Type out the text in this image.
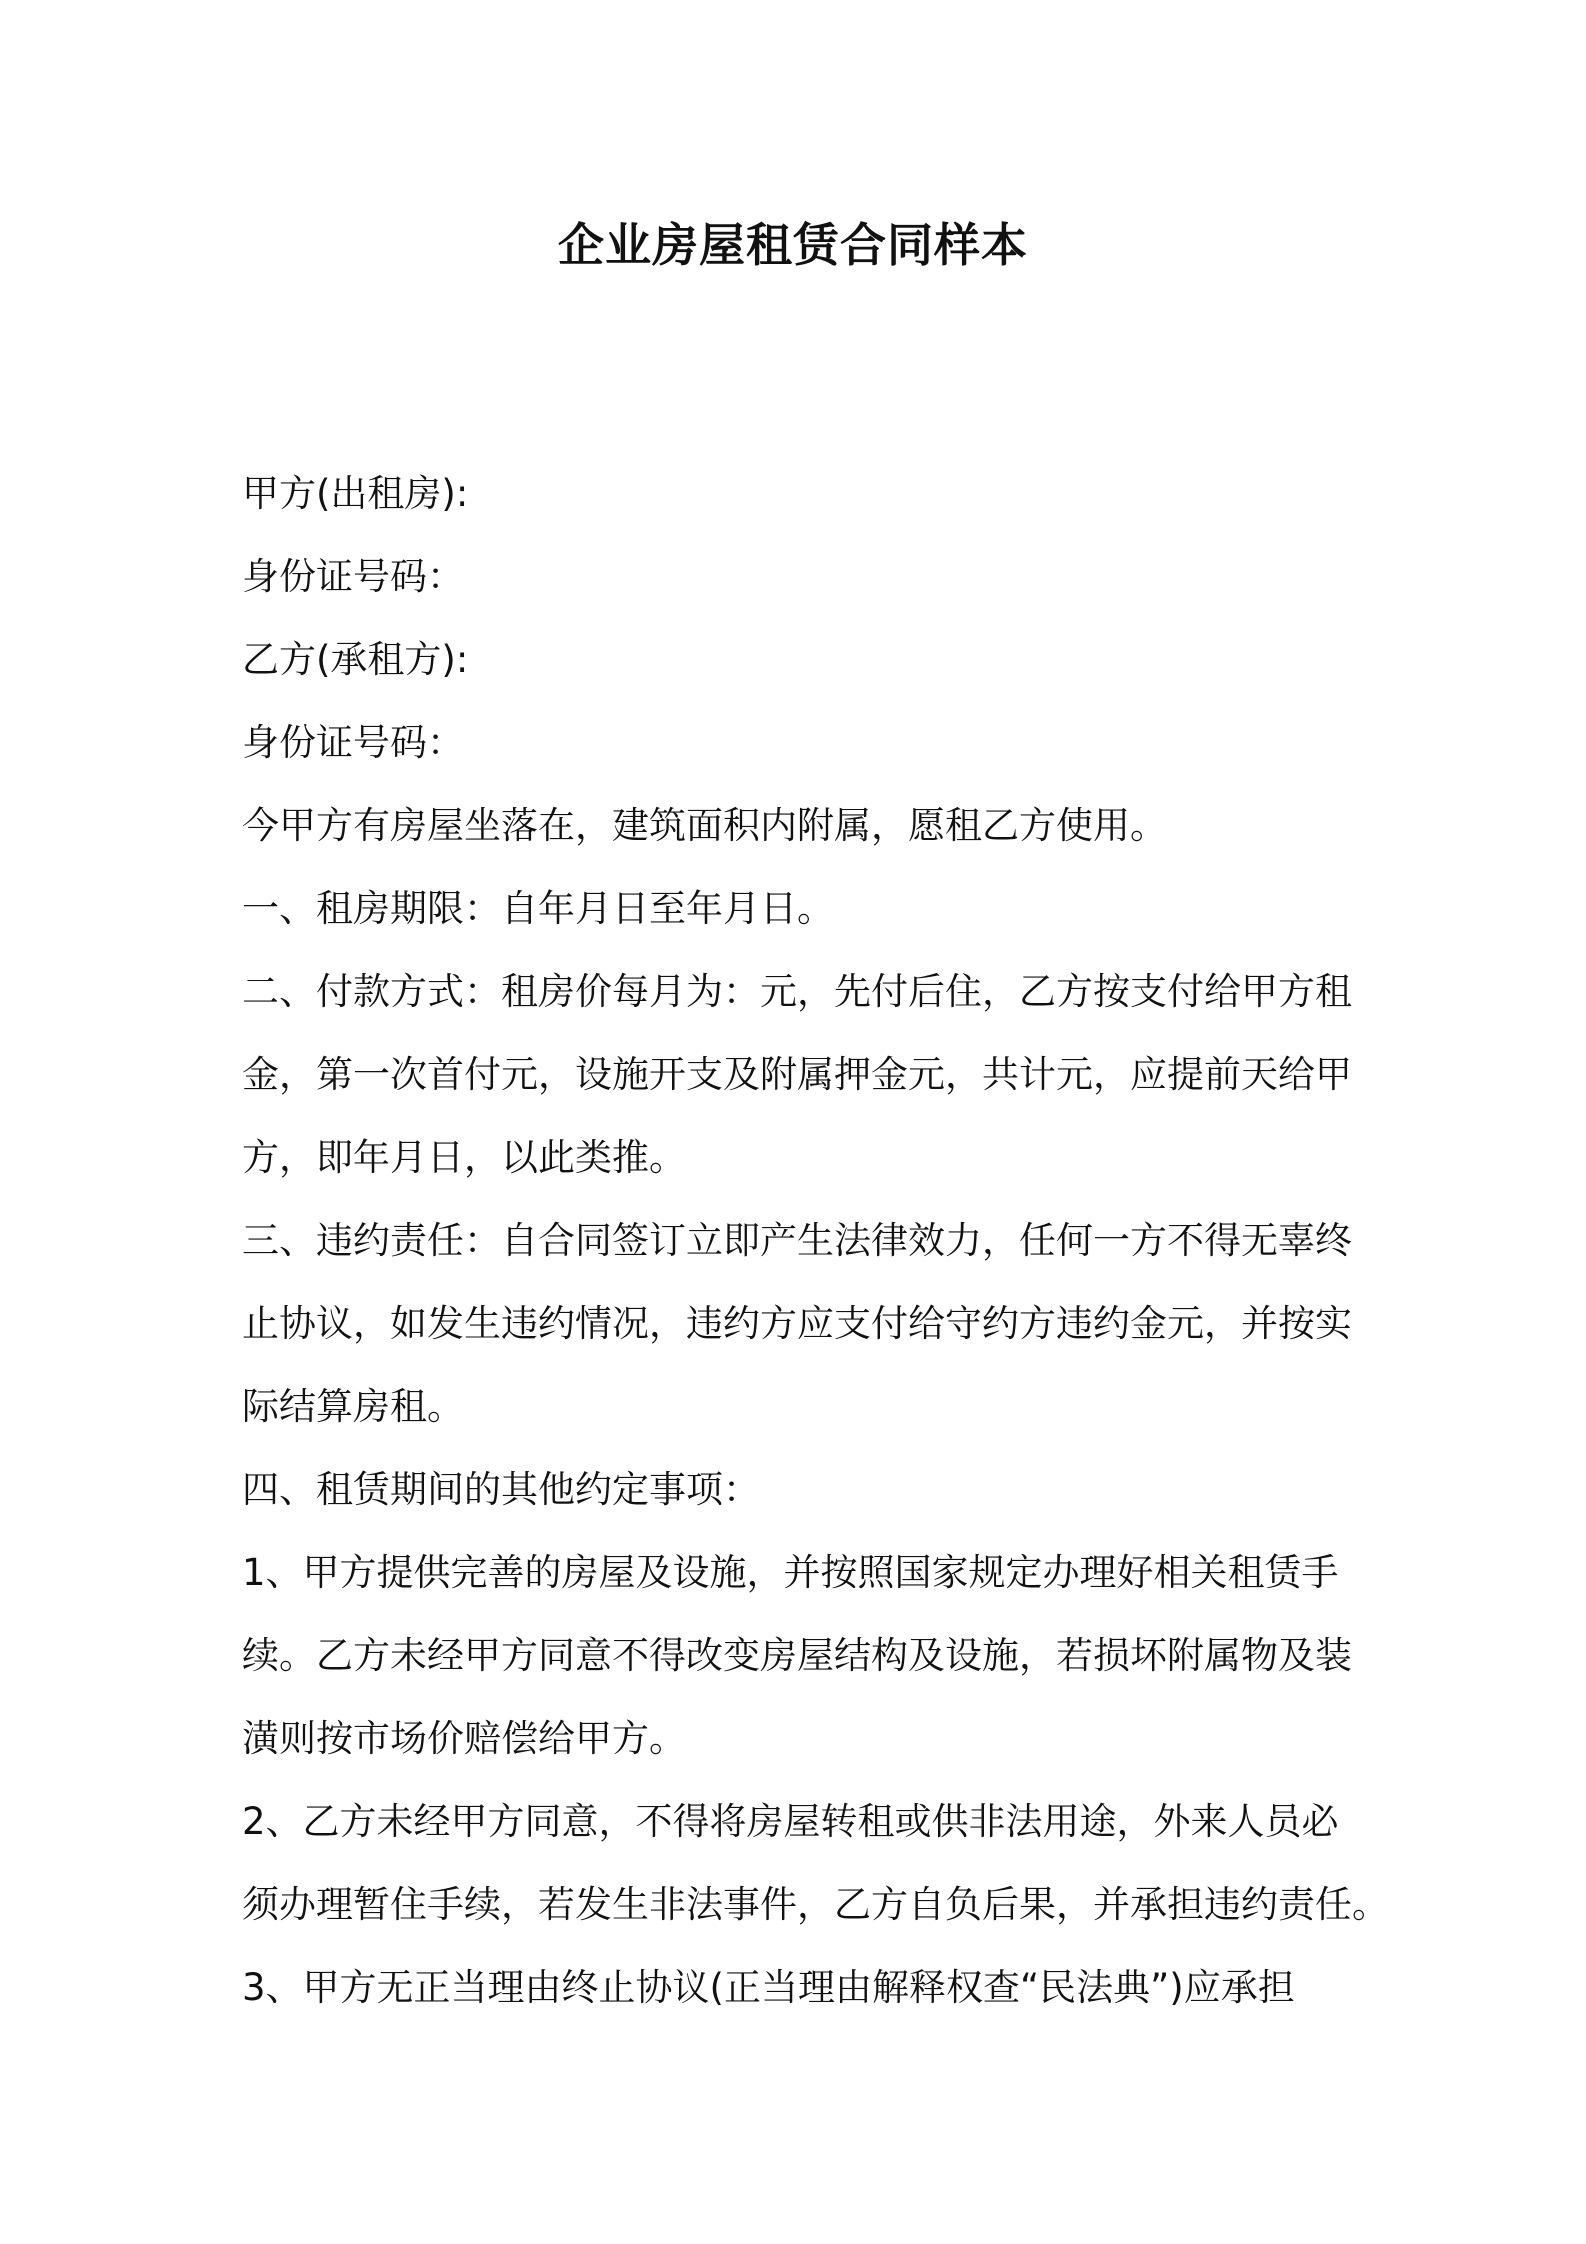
企业房屋租赁合同样本

甲方(出租房):

身份证号码：

乙方(承租方):

身份证号码：

今甲方有房屋坐落在，建筑面积内附属，愿租乙方使用。

一、租房期限：自年月日至年月日。

二、付款方式：租房价每月为：元，先付后住，乙方按支付给甲方租

金，第一次首付元，设施开支及附属押金元，共计元，应提前天给甲

方，即年月日，以此类推。

三、违约责任：自合同签订立即产生法律效力，任何一方不得无辜终

止协议，如发生违约情况，违约方应支付给守约方违约金元，并按实

际结算房租。

四、租赁期间的其他约定事项：

1、甲方提供完善的房屋及设施，并按照国家规定办理好相关租赁手

续。乙方未经甲方同意不得改变房屋结构及设施，若损坏附属物及装

潢则按市场价赔偿给甲方。

2、乙方未经甲方同意，不得将房屋转租或供非法用途，外来人员必

须办理暂住手续，若发生非法事件，乙方自负后果，并承担违约责任。

3、甲方无正当理由终止协议(正当理由解释权查“民法典”)应承担
